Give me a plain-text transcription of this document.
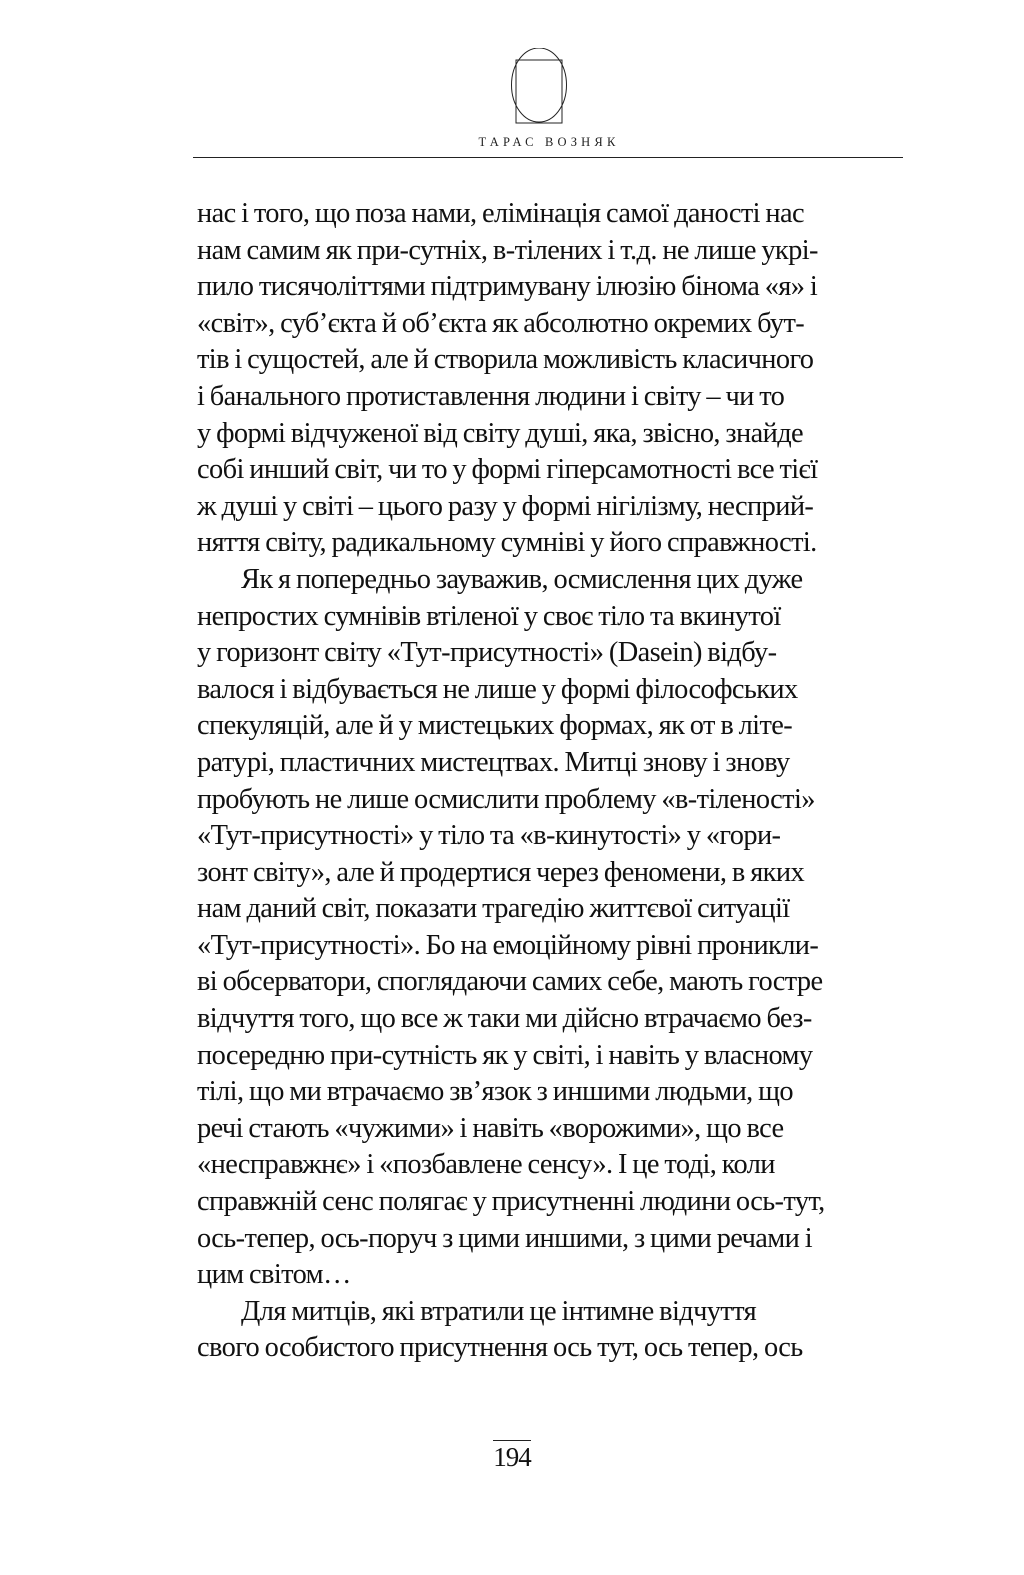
ТАРАС ВОЗНЯК
нас і того, що поза нами, елімінація самої даності нас
нам самим як при-сутніх, в-тілених і т.д. не лише укрі-
пило тисячоліттями підтримувану ілюзію бінома «я» і
«світ», суб’єкта й об’єкта як абсолютно окремих бут-
тів і сущостей, але й створила можливість класичного
і банального протиставлення людини і світу – чи то
у формі відчуженої від світу душі, яка, звісно, знайде
собі инший світ, чи то у формі гіперсамотності все тієї
ж душі у світі – цього разу у формі нігілізму, несприй-
няття світу, радикальному сумніві у його справжності.
Як я попередньо зауважив, осмислення цих дуже
непростих сумнівів втіленої у своє тіло та вкинутої
у горизонт світу «Тут-присутності» (Dasein) відбу-
валося і відбувається не лише у формі філософських
спекуляцій, але й у мистецьких формах, як от в літе-
ратурі, пластичних мистецтвах. Митці знову і знову
пробують не лише осмислити проблему «в-тіленості»
«Тут-присутності» у тіло та «в-кинутості» у «гори-
зонт світу», але й продертися через феномени, в яких
нам даний світ, показати трагедію життєвої ситуації
«Тут-присутності». Бо на емоційному рівні проникли-
ві обсерватори, споглядаючи самих себе, мають гостре
відчуття того, що все ж таки ми дійсно втрачаємо без-
посередню при-сутність як у світі, і навіть у власному
тілі, що ми втрачаємо зв’язок з иншими людьми, що
речі стають «чужими» і навіть «ворожими», що все
«несправжнє» і «позбавлене сенсу». І це тоді, коли
справжній сенс полягає у присутненні людини ось-тут,
ось-тепер, ось-поруч з цими иншими, з цими речами і
цим світом…
Для митців, які втратили це інтимне відчуття
свого особистого присутнення ось тут, ось тепер, ось
194
